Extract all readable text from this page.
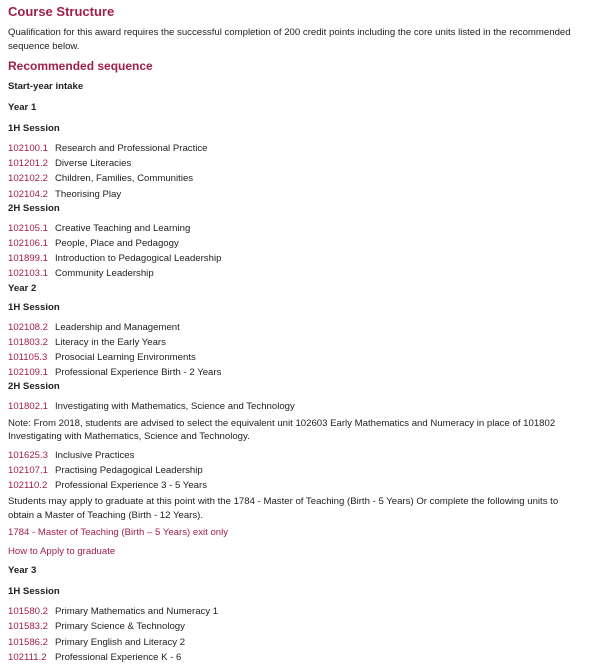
Course Structure
Qualification for this award requires the successful completion of 200 credit points including the core units listed in the recommended sequence below.
Recommended sequence
Start-year intake
Year 1
1H Session
102100.1 Research and Professional Practice
101201.2 Diverse Literacies
102102.2 Children, Families, Communities
102104.2 Theorising Play
2H Session
102105.1 Creative Teaching and Learning
102106.1 People, Place and Pedagogy
101899.1 Introduction to Pedagogical Leadership
102103.1 Community Leadership
Year 2
1H Session
102108.2 Leadership and Management
101803.2 Literacy in the Early Years
101105.3 Prosocial Learning Environments
102109.1 Professional Experience Birth - 2 Years
2H Session
101802.1 Investigating with Mathematics, Science and Technology
Note: From 2018, students are advised to select the equivalent unit 102603 Early Mathematics and Numeracy in place of 101802 Investigating with Mathematics, Science and Technology.
101625.3 Inclusive Practices
102107.1 Practising Pedagogical Leadership
102110.2 Professional Experience 3 - 5 Years
Students may apply to graduate at this point with the 1784 - Master of Teaching (Birth - 5 Years) Or complete the following units to obtain a Master of Teaching (Birth - 12 Years).
1784 - Master of Teaching (Birth – 5 Years) exit only
How to Apply to graduate
Year 3
1H Session
101580.2 Primary Mathematics and Numeracy 1
101583.2 Primary Science & Technology
101586.2 Primary English and Literacy 2
102111.2 Professional Experience K - 6
